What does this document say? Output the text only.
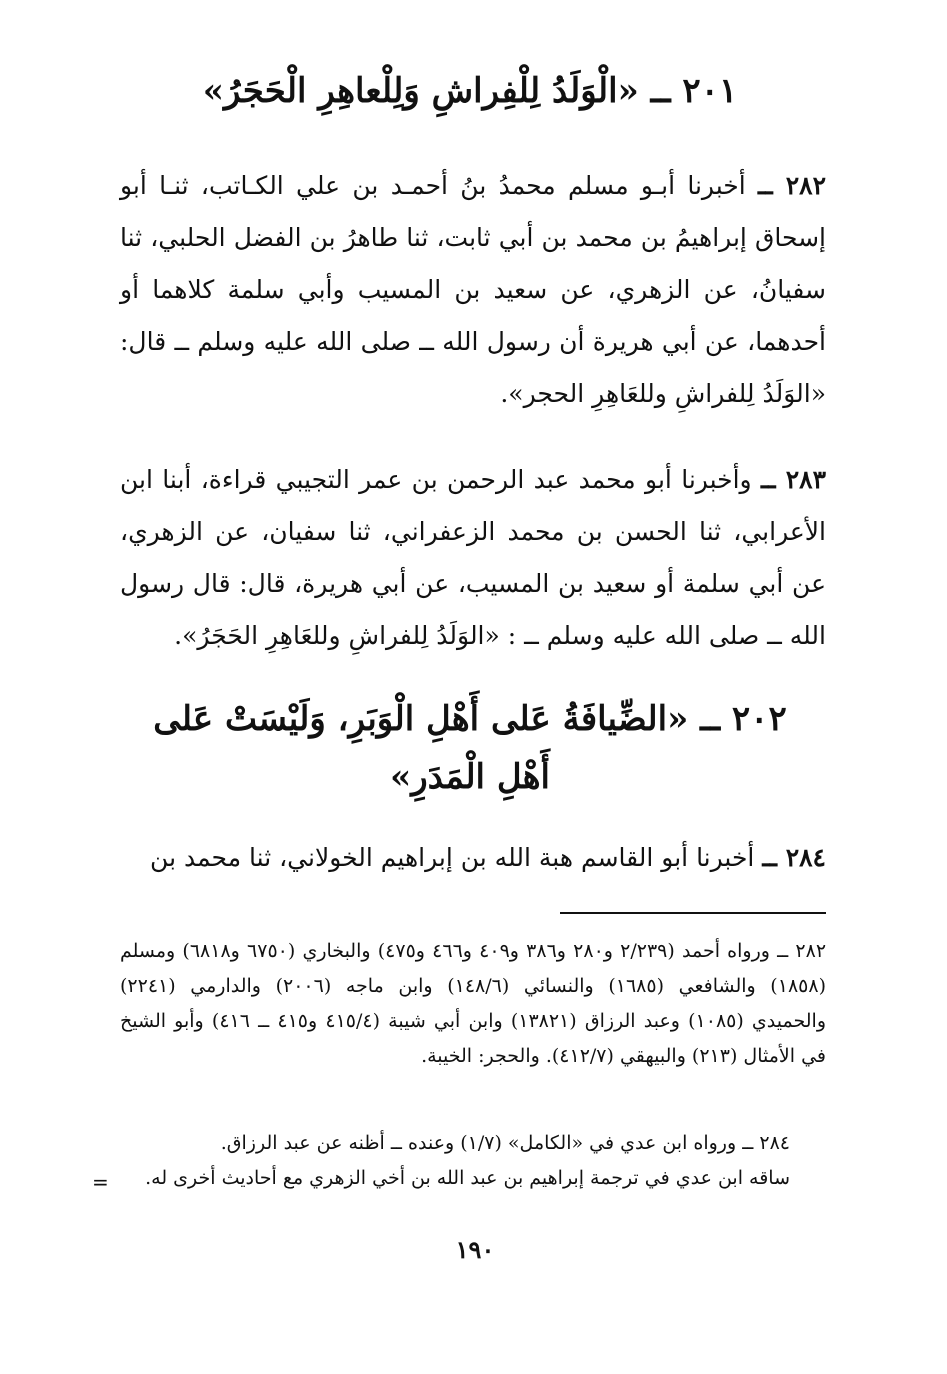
٢٠١ ــ «الْوَلَدُ لِلْفِراشِ وَلِلْعاهِرِ الْحَجَرُ»
٢٨٢ ــ أخبرنا أبـو مسلم محمدُ بنُ أحمـد بن علي الكـاتب، ثنـا أبو إسحاق إبراهيمُ بن محمد بن أبي ثابت، ثنا طاهرُ بن الفضل الحلبي، ثنا سفيانُ، عن الزهري، عن سعيد بن المسيب وأبي سلمة كلاهما أو أحدهما، عن أبي هريرة أن رسول الله ــ صلى الله عليه وسلم ــ قال: «الوَلَدُ لِلفراشِ وللعَاهِرِ الحجر».
٢٨٣ ــ وأخبرنا أبو محمد عبد الرحمن بن عمر التجيبي قراءة، أبنا ابن الأعرابي، ثنا الحسن بن محمد الزعفراني، ثنا سفيان، عن الزهري، عن أبي سلمة أو سعيد بن المسيب، عن أبي هريرة، قال: قال رسول الله ــ صلى الله عليه وسلم ــ : «الوَلَدُ لِلفراشِ وللعَاهِرِ الحَجَرُ».
٢٠٢ ــ «الضِّيافَةُ عَلى أَهْلِ الْوَبَرِ، وَلَيْسَتْ عَلى
أَهْلِ الْمَدَرِ»
٢٨٤ ــ أخبرنا أبو القاسم هبة الله بن إبراهيم الخولاني، ثنا محمد بن
٢٨٢ ــ ورواه أحمد (٢/٢٣٩ و٢٨٠ و٣٨٦ و٤٠٩ و٤٦٦ و٤٧٥) والبخاري (٦٧٥٠ و٦٨١٨) ومسلم (١٨٥٨) والشافعي (١٦٨٥) والنسائي (١٤٨/٦) وابن ماجه (٢٠٠٦) والدارمي (٢٢٤١) والحميدي (١٠٨٥) وعبد الرزاق (١٣٨٢١) وابن أبي شيبة (٤١٥/٤ و٤١٥ ــ ٤١٦) وأبو الشيخ في الأمثال (٢١٣) والبيهقي (٤١٢/٧). والحجر: الخيبة.
٢٨٤ ــ ورواه ابن عدي في «الكامل» (١/٧) وعنده ــ أظنه عن عبد الرزاق.
ساقه ابن عدي في ترجمة إبراهيم بن عبد الله بن أخي الزهري مع أحاديث أخرى له.
=
١٩٠
